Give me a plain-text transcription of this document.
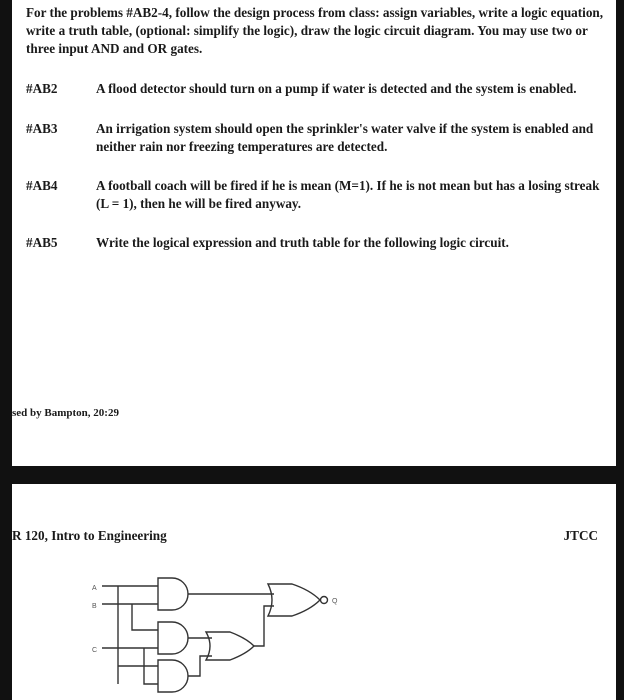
For the problems #AB2-4, follow the design process from class: assign variables, write a logic equation, write a truth table, (optional: simplify the logic), draw the logic circuit diagram. You may use two or three input AND and OR gates.
#AB2	A flood detector should turn on a pump if water is detected and the system is enabled.
#AB3	An irrigation system should open the sprinkler's water valve if the system is enabled and neither rain nor freezing temperatures are detected.
#AB4	A football coach will be fired if he is mean (M=1). If he is not mean but has a losing streak (L = 1), then he will be fired anyway.
#AB5	Write the logical expression and truth table for the following logic circuit.
sed by Bampton, 20:29
R 120, Intro to Engineering	JTCC
A
B
C
Q
